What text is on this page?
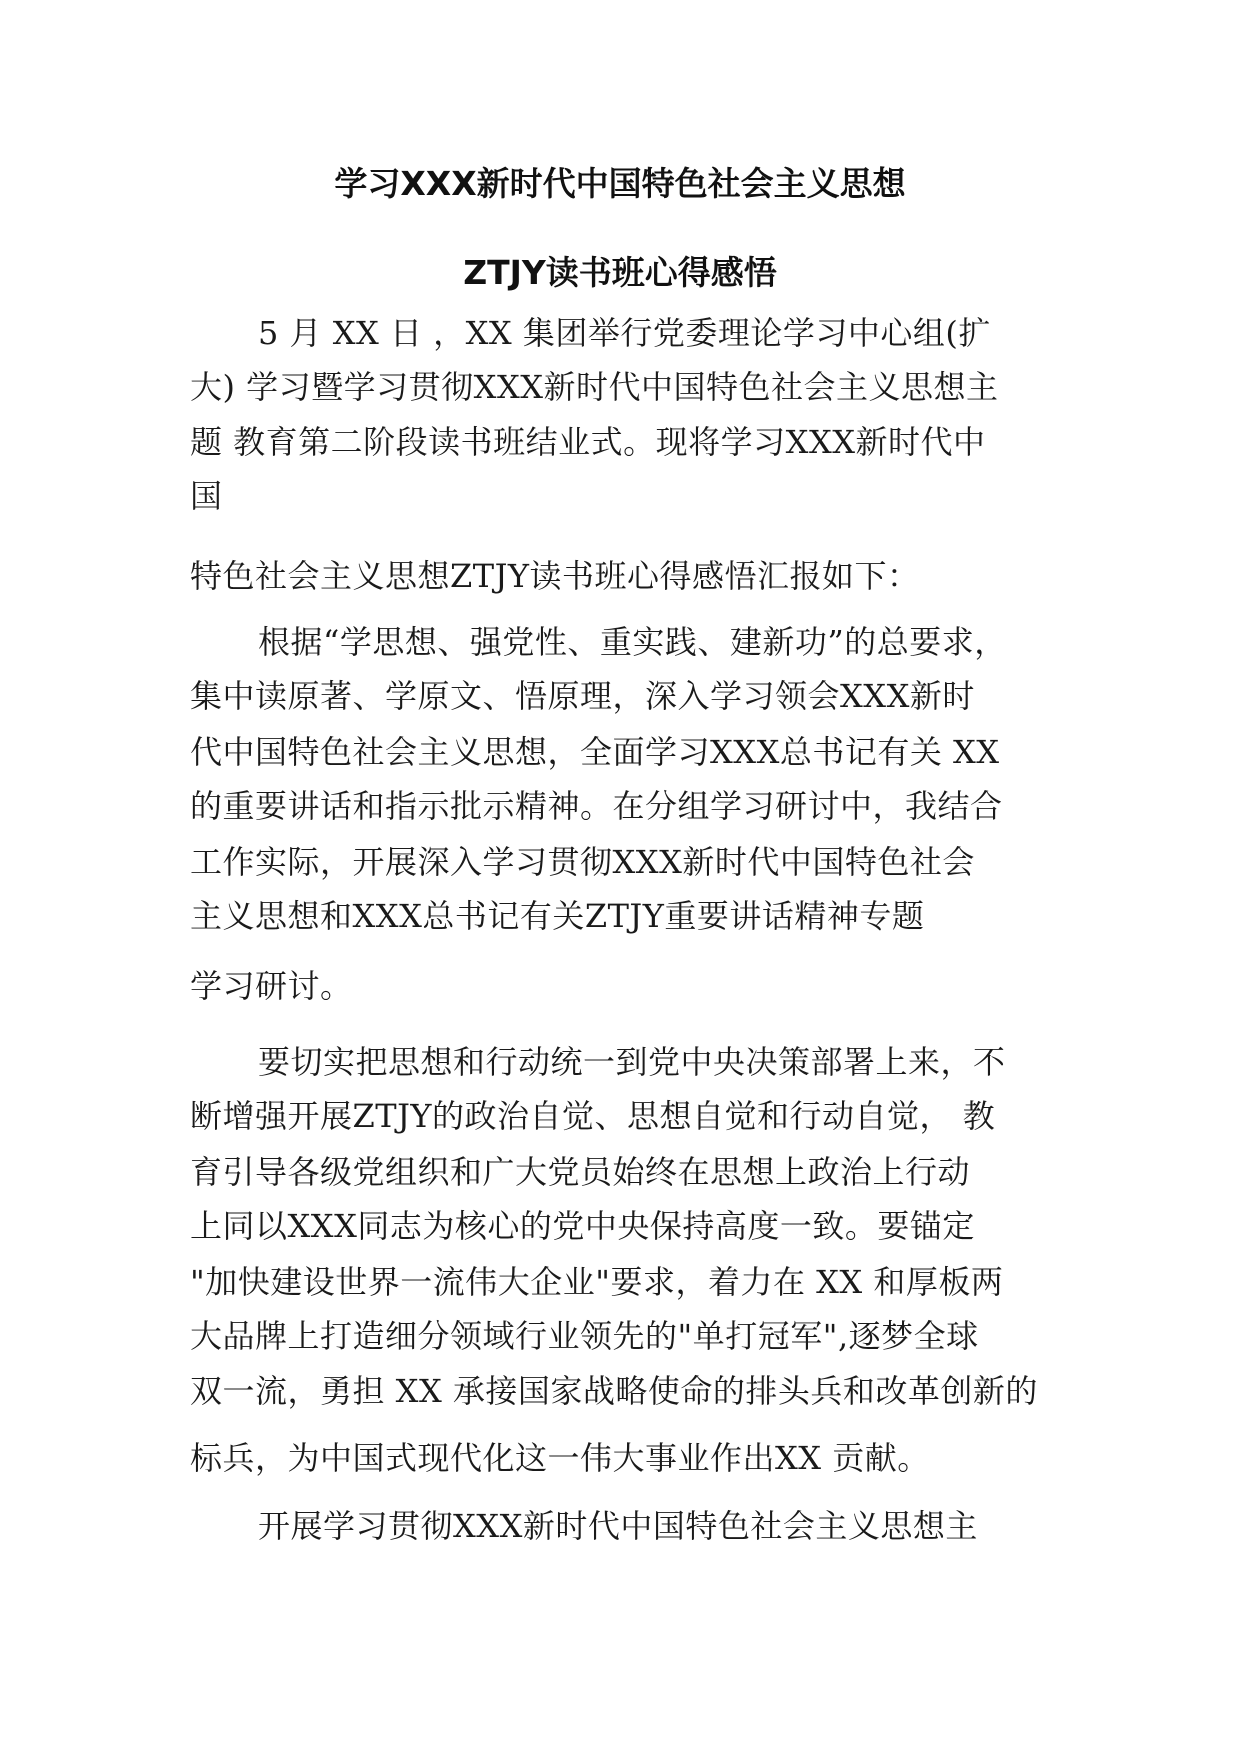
学习XXX新时代中国特色社会主义思想
ZTJY读书班心得感悟
5 月 XX 日 ，XX 集团举行党委理论学习中心组(扩
大) 学习暨学习贯彻XXX新时代中国特色社会主义思想主
题 教育第二阶段读书班结业式。现将学习XXX新时代中
国
特色社会主义思想ZTJY读书班心得感悟汇报如下：
根据“学思想、强党性、重实践、建新功”的总要求，
集中读原著、学原文、悟原理，深入学习领会XXX新时
代中国特色社会主义思想，全面学习XXX总书记有关 XX
的重要讲话和指示批示精神。在分组学习研讨中，我结合
工作实际，开展深入学习贯彻XXX新时代中国特色社会
主义思想和XXX总书记有关ZTJY重要讲话精神专题
学习研讨。
要切实把思想和行动统一到党中央决策部署上来，不
断增强开展ZTJY的政治自觉、思想自觉和行动自觉， 教
育引导各级党组织和广大党员始终在思想上政治上行动
上同以XXX同志为核心的党中央保持高度一致。要锚定
"加快建设世界一流伟大企业"要求，着力在 XX 和厚板两
大品牌上打造细分领域行业领先的"单打冠军",逐梦全球
双一流，勇担 XX 承接国家战略使命的排头兵和改革创新的
标兵，为中国式现代化这一伟大事业作出XX 贡献。
开展学习贯彻XXX新时代中国特色社会主义思想主
